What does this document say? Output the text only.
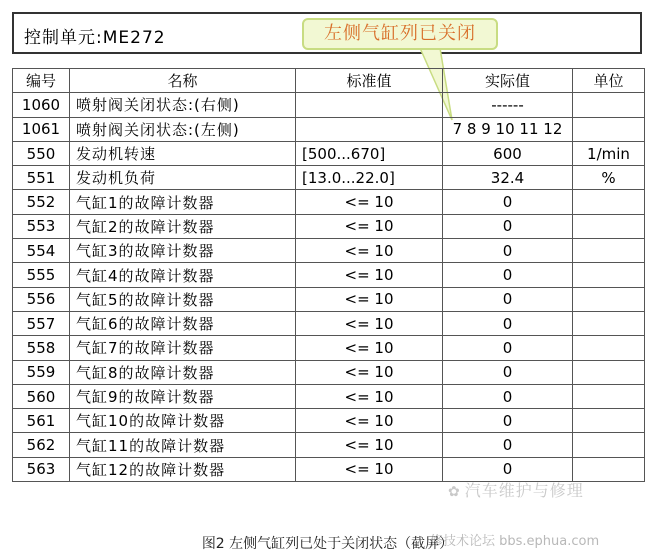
控制单元:ME272	左侧气缸列已关闭
编号	名称	标准值	实际值	单位
1060	喷射阀关闭状态:(右侧)		------	
1061	喷射阀关闭状态:(左侧)		7 8 9 10 11 12	
550	发动机转速	[500...670]	600	1/min
551	发动机负荷	[13.0...22.0]	32.4	%
552	气缸1的故障计数器	<= 10	0	
553	气缸2的故障计数器	<= 10	0	
554	气缸3的故障计数器	<= 10	0	
555	气缸4的故障计数器	<= 10	0	
556	气缸5的故障计数器	<= 10	0	
557	气缸6的故障计数器	<= 10	0	
558	气缸7的故障计数器	<= 10	0	
559	气缸8的故障计数器	<= 10	0	
560	气缸9的故障计数器	<= 10	0	
561	气缸10的故障计数器	<= 10	0	
562	气缸11的故障计数器	<= 10	0	
563	气缸12的故障计数器	<= 10	0	
✿ 汽车维护与修理
修技术论坛 bbs.ephua.com
图2 左侧气缸列已处于关闭状态（截屏）
